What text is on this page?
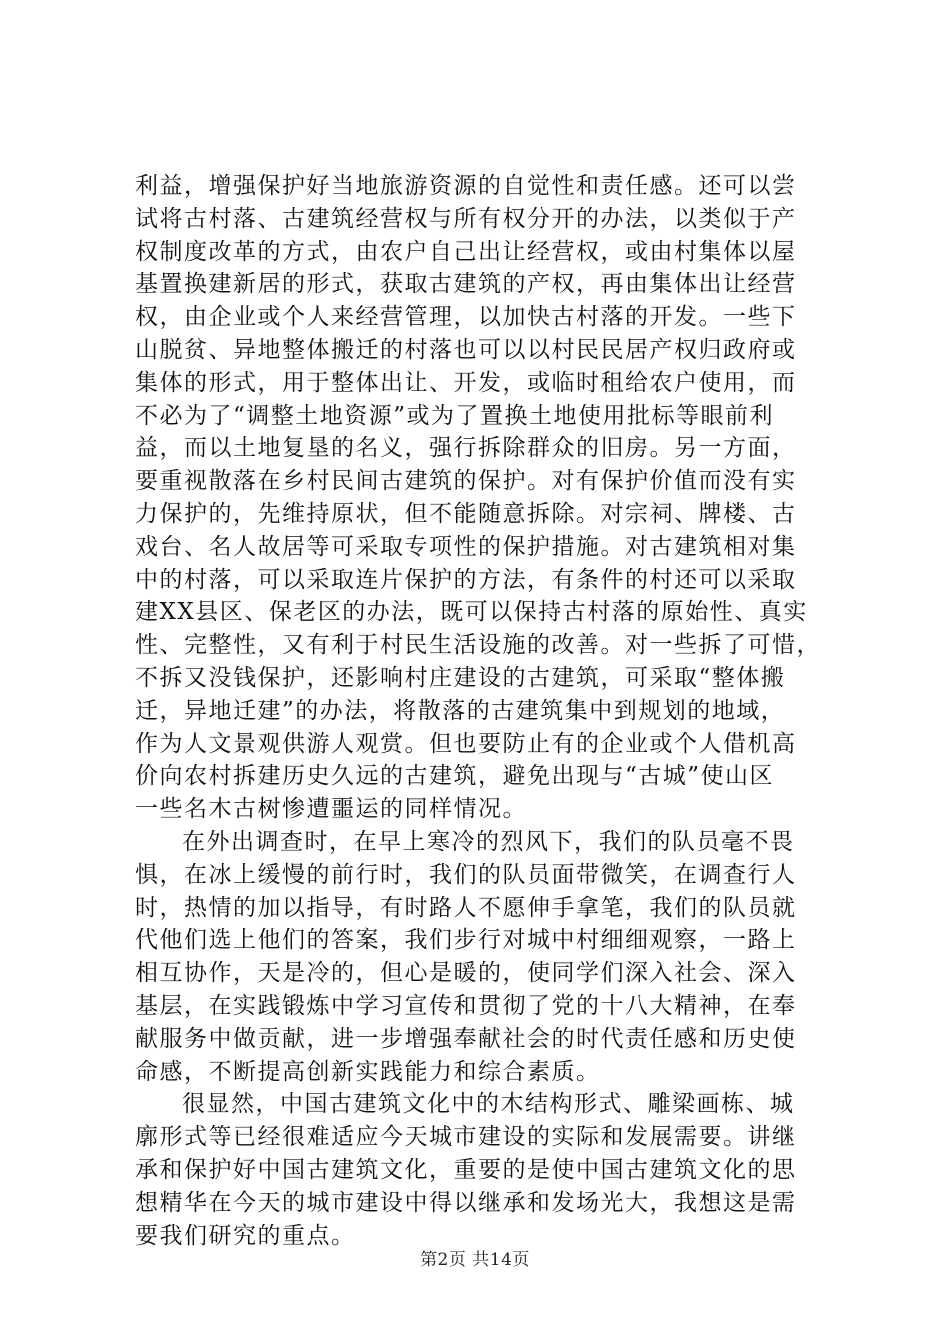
利益，增强保护好当地旅游资源的自觉性和责任感。还可以尝
试将古村落、古建筑经营权与所有权分开的办法，以类似于产
权制度改革的方式，由农户自己出让经营权，或由村集体以屋
基置换建新居的形式，获取古建筑的产权，再由集体出让经营
权，由企业或个人来经营管理，以加快古村落的开发。一些下
山脱贫、异地整体搬迁的村落也可以以村民民居产权归政府或
集体的形式，用于整体出让、开发，或临时租给农户使用，而
不必为了“调整土地资源”或为了置换土地使用批标等眼前利
益，而以土地复垦的名义，强行拆除群众的旧房。另一方面，
要重视散落在乡村民间古建筑的保护。对有保护价值而没有实
力保护的，先维持原状，但不能随意拆除。对宗祠、牌楼、古
戏台、名人故居等可采取专项性的保护措施。对古建筑相对集
中的村落，可以采取连片保护的方法，有条件的村还可以采取
建XX县区、保老区的办法，既可以保持古村落的原始性、真实
性、完整性，又有利于村民生活设施的改善。对一些拆了可惜，
不拆又没钱保护，还影响村庄建设的古建筑，可采取“整体搬
迁，异地迁建”的办法，将散落的古建筑集中到规划的地域，
作为人文景观供游人观赏。但也要防止有的企业或个人借机高
价向农村拆建历史久远的古建筑，避免出现与“古城”使山区
一些名木古树惨遭噩运的同样情况。
在外出调查时，在早上寒冷的烈风下，我们的队员毫不畏
惧，在冰上缓慢的前行时，我们的队员面带微笑，在调查行人
时，热情的加以指导，有时路人不愿伸手拿笔，我们的队员就
代他们选上他们的答案，我们步行对城中村细细观察，一路上
相互协作，天是冷的，但心是暖的，使同学们深入社会、深入
基层，在实践锻炼中学习宣传和贯彻了党的十八大精神，在奉
献服务中做贡献，进一步增强奉献社会的时代责任感和历史使
命感，不断提高创新实践能力和综合素质。
很显然，中国古建筑文化中的木结构形式、雕梁画栋、城
廓形式等已经很难适应今天城市建设的实际和发展需要。讲继
承和保护好中国古建筑文化，重要的是使中国古建筑文化的思
想精华在今天的城市建设中得以继承和发场光大，我想这是需
要我们研究的重点。
第2页 共14页
